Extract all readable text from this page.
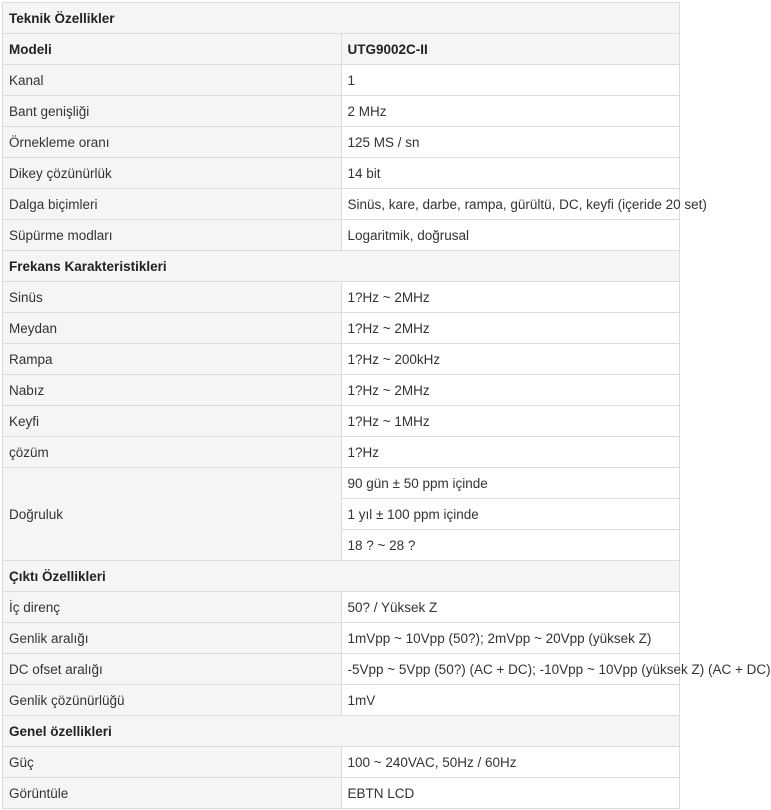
Teknik Özellikler	
Modeli	UTG9002C-II
Kanal	1
Bant genişliği	2 MHz
Örnekleme oranı	125 MS / sn
Dikey çözünürlük	14 bit
Dalga biçimleri	Sinüs, kare, darbe, rampa, gürültü, DC, keyfi (içeride 20 set)
Süpürme modları	Logaritmik, doğrusal
Frekans Karakteristikleri	
Sinüs	1?Hz ~ 2MHz
Meydan	1?Hz ~ 2MHz
Rampa	1?Hz ~ 200kHz
Nabız	1?Hz ~ 2MHz
Keyfi	1?Hz ~ 1MHz
çözüm	1?Hz
Doğruluk	90 gün ± 50 ppm içinde
	1 yıl ± 100 ppm içinde
	18 ? ~ 28 ?
Çıktı Özellikleri	
İç direnç	50? / Yüksek Z
Genlik aralığı	1mVpp ~ 10Vpp (50?); 2mVpp ~ 20Vpp (yüksek Z)
DC ofset aralığı	-5Vpp ~ 5Vpp (50?) (AC + DC); -10Vpp ~ 10Vpp (yüksek Z) (AC + DC)
Genlik çözünürlüğü	1mV
Genel özellikleri	
Güç	100 ~ 240VAC, 50Hz / 60Hz
Görüntüle	EBTN LCD
